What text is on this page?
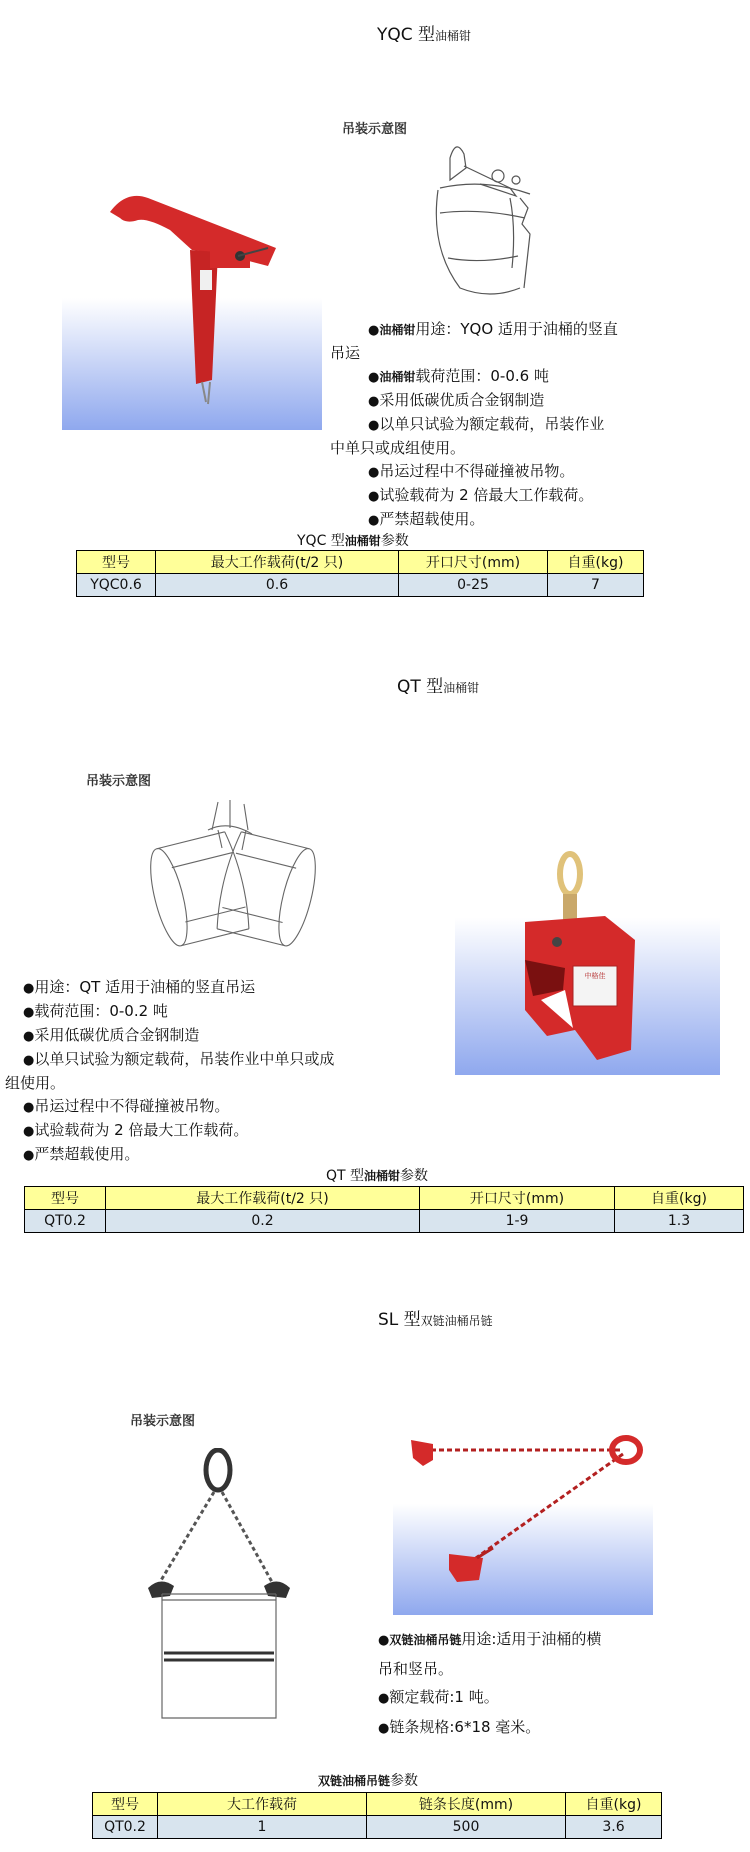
YQC 型油桶钳
吊装示意图
●油桶钳用途：YQO 适用于油桶的竖直
吊运
●油桶钳载荷范围：0-0.6 吨
●采用低碳优质合金钢制造
●以单只试验为额定载荷，吊装作业
中单只或成组使用。
●吊运过程中不得碰撞被吊物。
●试验载荷为 2 倍最大工作载荷。
●严禁超载使用。
YQC 型油桶钳参数
型号	最大工作载荷(t/2 只)	开口尺寸(mm)	自重(kg)
YQC0.6	0.6	0-25	7
QT 型油桶钳
吊装示意图
中格佳
●用途：QT 适用于油桶的竖直吊运
●载荷范围：0-0.2 吨
●采用低碳优质合金钢制造
●以单只试验为额定载荷，吊装作业中单只或成
组使用。
●吊运过程中不得碰撞被吊物。
●试验载荷为 2 倍最大工作载荷。
●严禁超载使用。
QT 型油桶钳参数
型号	最大工作载荷(t/2 只)	开口尺寸(mm)	自重(kg)
QT0.2	0.2	1-9	1.3
SL 型双链油桶吊链
吊装示意图
●双链油桶吊链用途:适用于油桶的横
吊和竖吊。
●额定载荷:1 吨。
●链条规格:6*18 毫米。
双链油桶吊链参数
型号	大工作载荷	链条长度(mm)	自重(kg)
QT0.2	1	500	3.6
